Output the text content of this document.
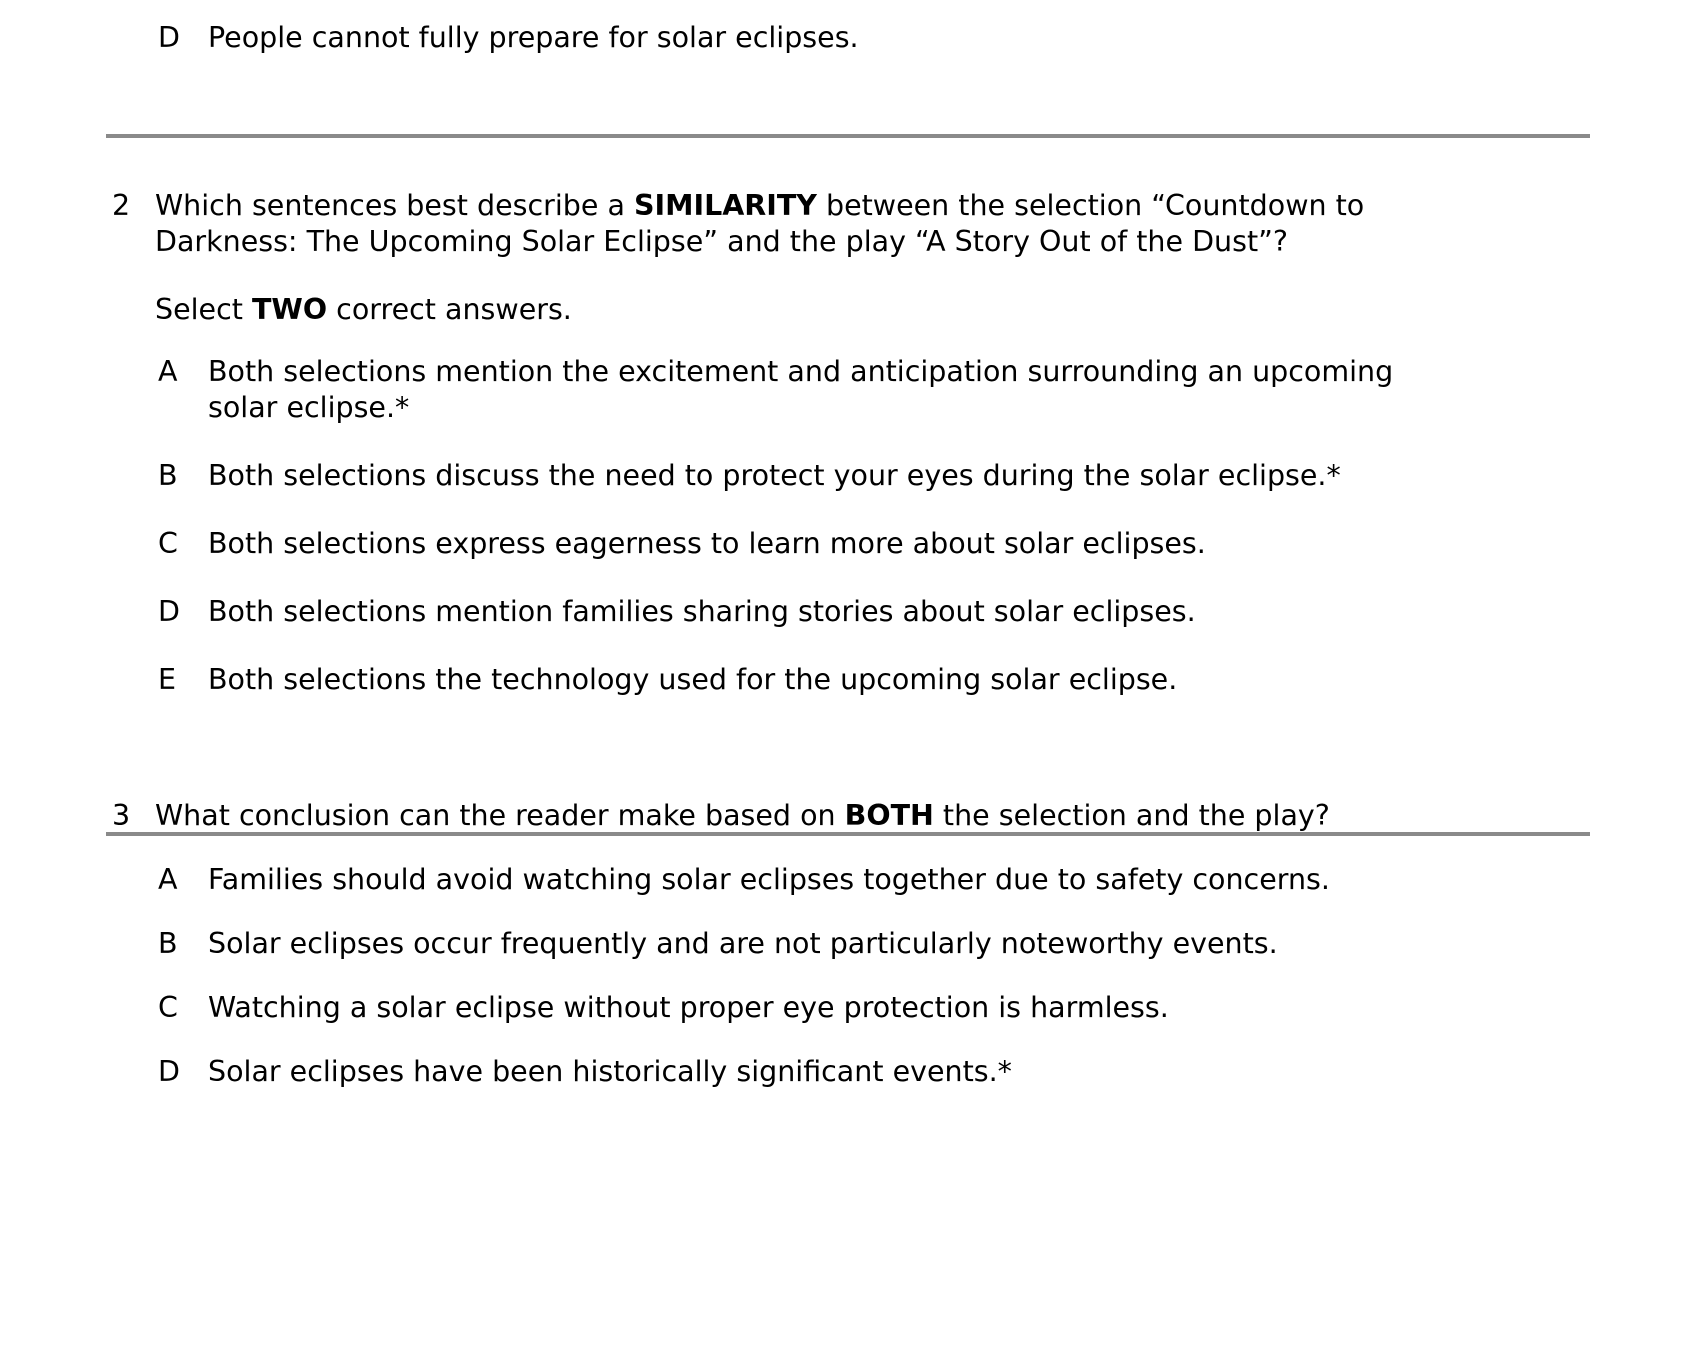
D People cannot fully prepare for solar eclipses.
2 Which sentences best describe a SIMILARITY between the selection “Countdown to Darkness: The Upcoming Solar Eclipse” and the play “A Story Out of the Dust”?
Select TWO correct answers.
A	Both selections mention the excitement and anticipation surrounding an upcoming solar eclipse.*
B	Both selections discuss the need to protect your eyes during the solar eclipse.*
C	Both selections express eagerness to learn more about solar eclipses.
D Both selections mention families sharing stories about solar eclipses.
E	Both selections the technology used for the upcoming solar eclipse.
3 What conclusion can the reader make based on BOTH the selection and the play?
A	Families should avoid watching solar eclipses together due to safety concerns.
B	Solar eclipses occur frequently and are not particularly noteworthy events.
C	Watching a solar eclipse without proper eye protection is harmless.
D Solar eclipses have been historically significant events.*
